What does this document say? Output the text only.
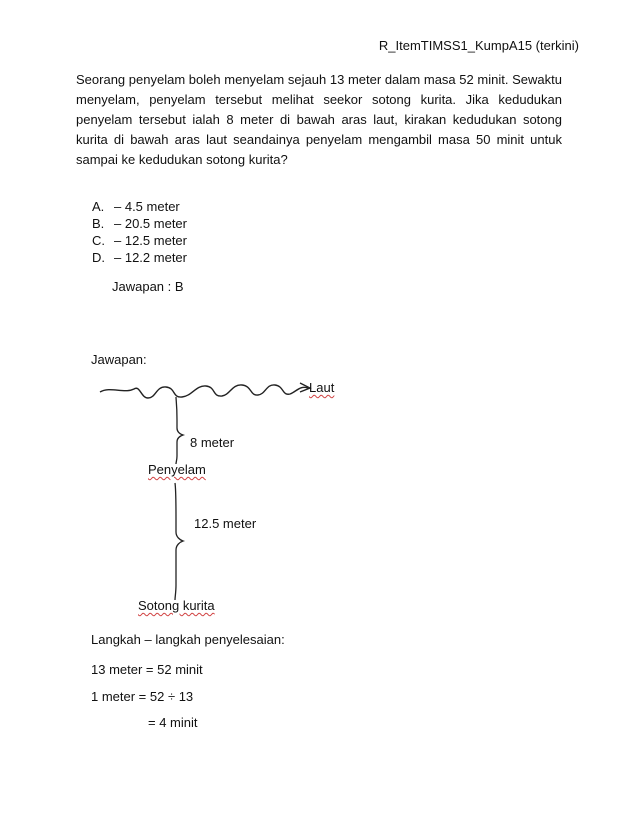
R_ItemTIMSS1_KumpA15 (terkini)

Seorang penyelam boleh menyelam sejauh 13 meter dalam masa 52 minit. Sewaktu menyelam, penyelam tersebut melihat seekor sotong kurita. Jika kedudukan penyelam tersebut ialah 8 meter di bawah aras laut, kirakan kedudukan sotong kurita di bawah aras laut seandainya penyelam mengambil masa 50 minit untuk sampai ke kedudukan sotong kurita?

A. – 4.5 meter
B. – 20.5 meter
C. – 12.5 meter
D. – 12.2 meter
Jawapan : B
Jawapan:
Laut
8 meter
Penyelam
12.5 meter
Sotong kurita
Langkah – langkah penyelesaian:
13 meter = 52 minit
1 meter = 52 ÷ 13
= 4 minit
